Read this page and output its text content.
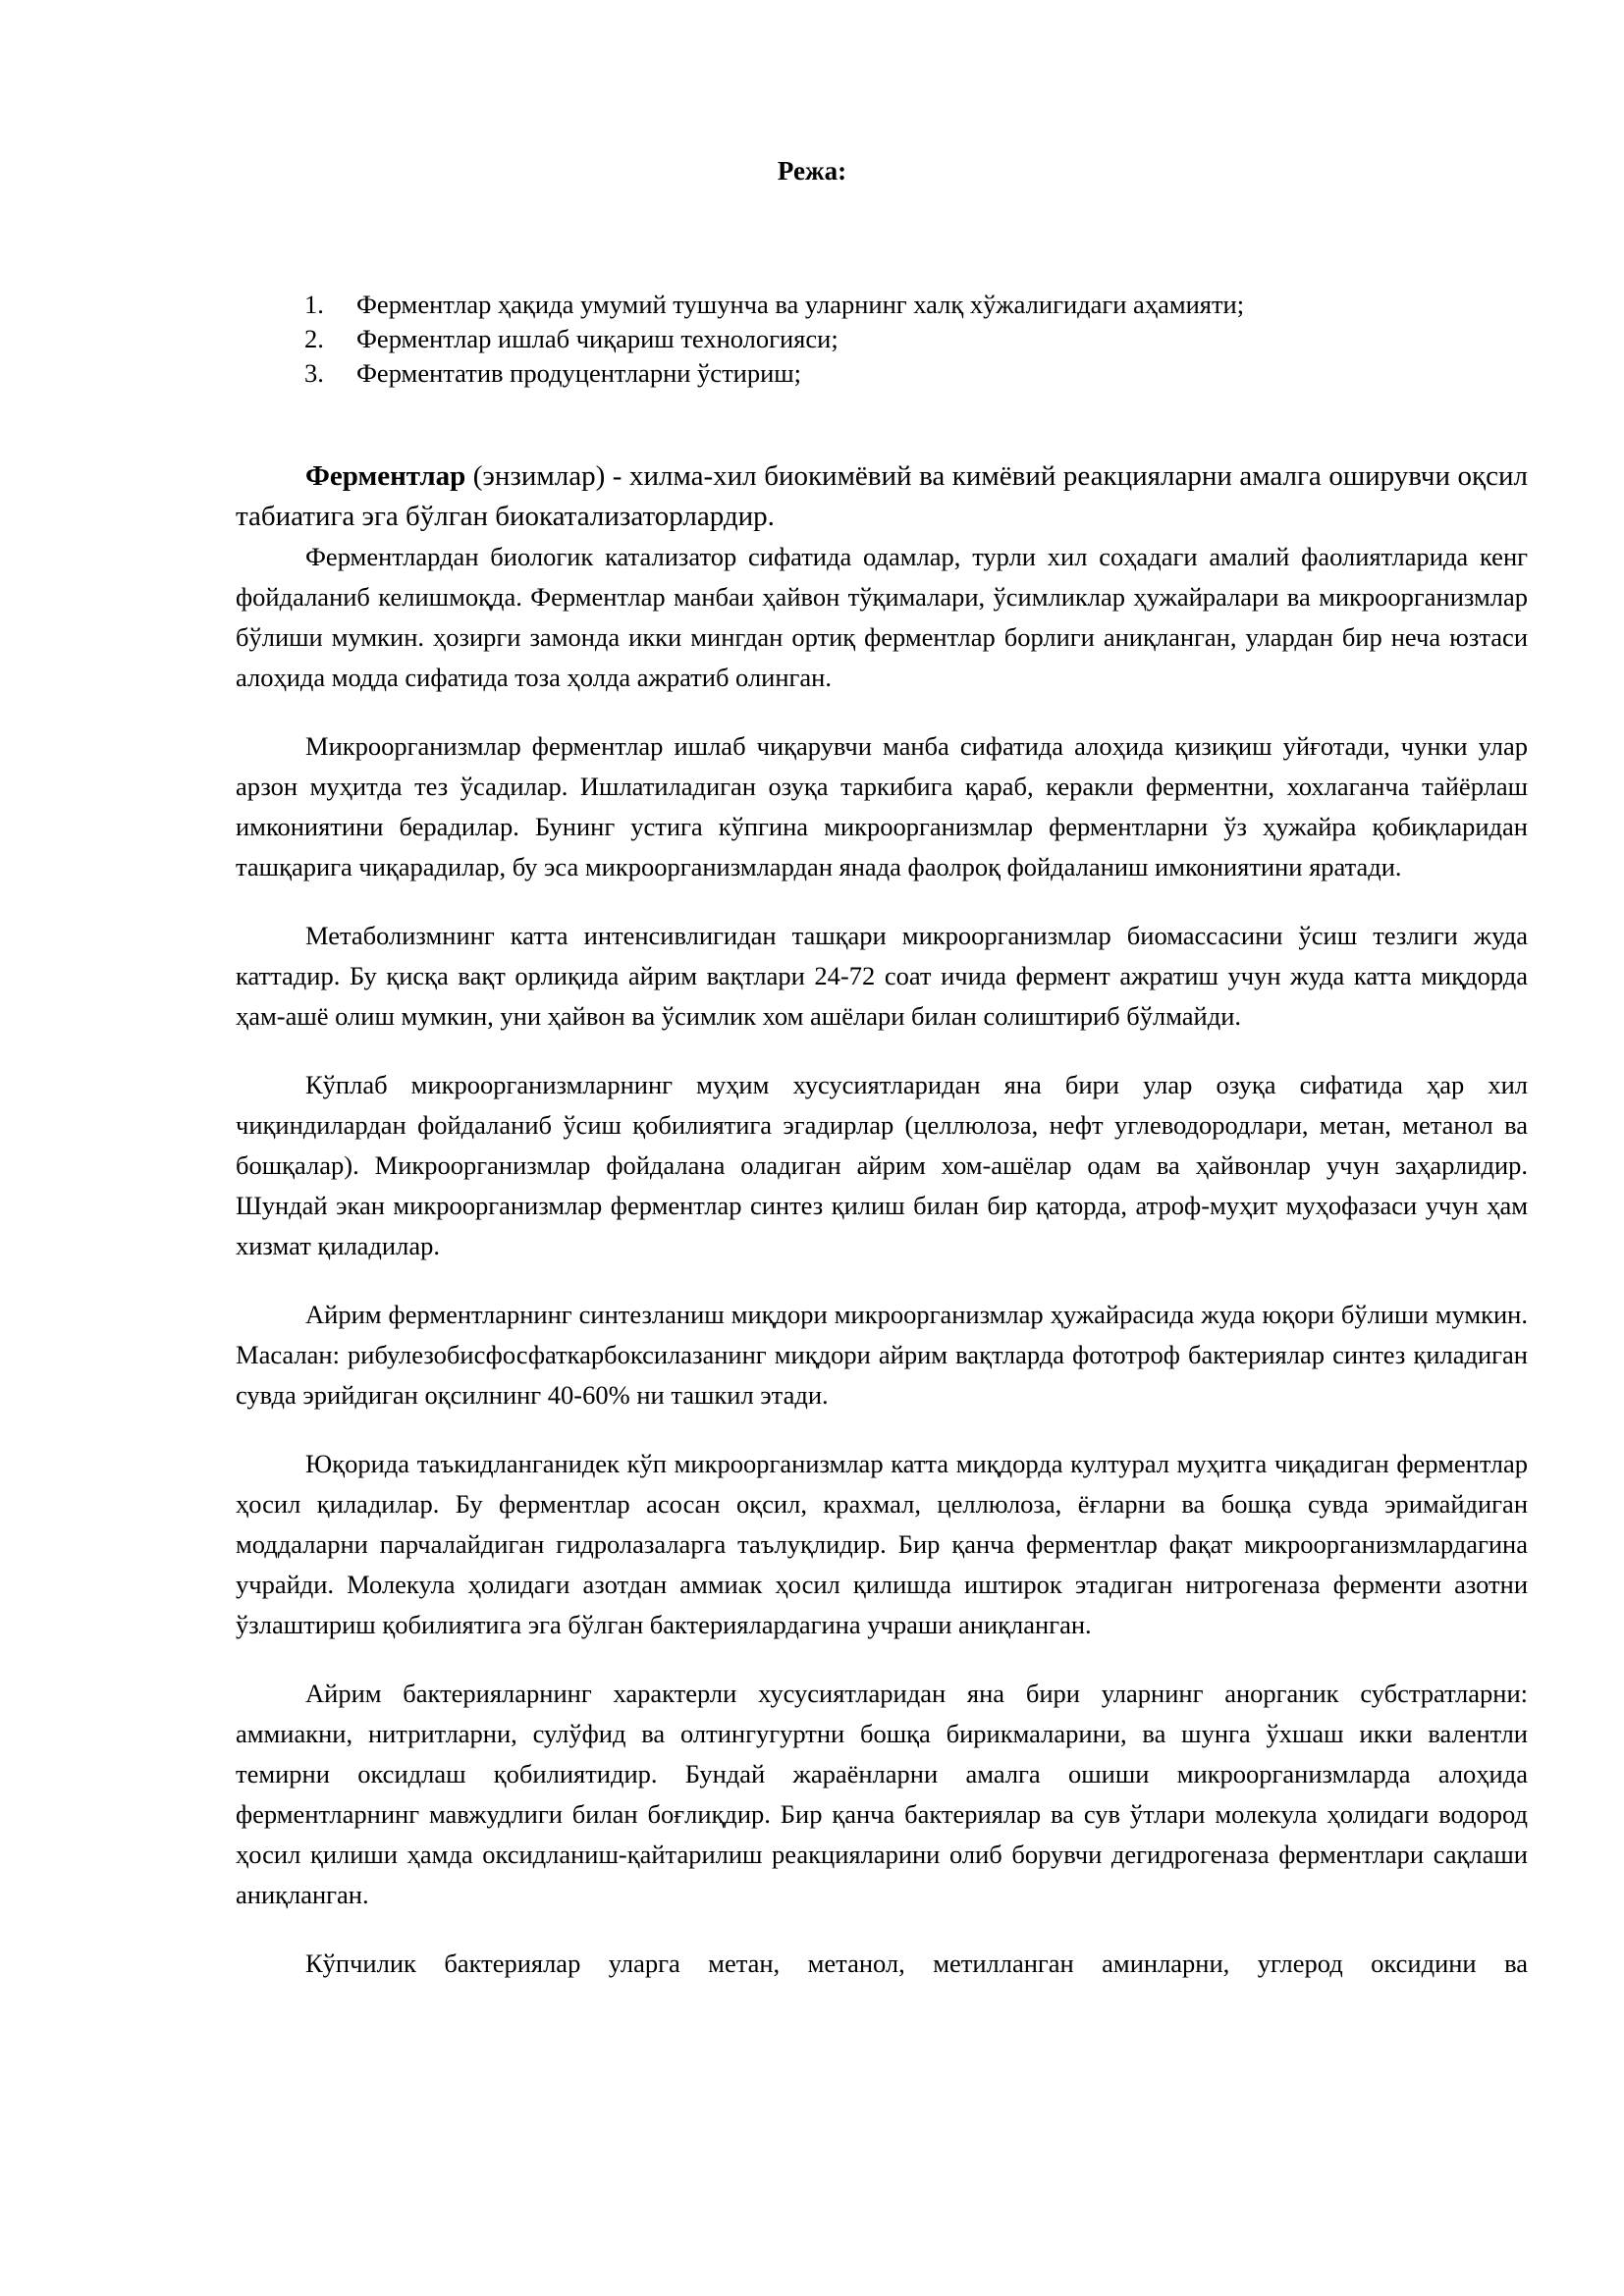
Режа:
1. Ферментлар ҳақида умумий тушунча ва уларнинг халқ хўжалигидаги аҳамияти;
2. Ферментлар ишлаб чиқариш технологияси;
3. Ферментатив продуцентларни ўстириш;

Ферментлар (энзимлар) - хилма-хил биокимёвий ва кимёвий реакцияларни амалга оширувчи оқсил табиатига эга бўлган биокатализаторлардир.

Ферментлардан биологик катализатор сифатида одамлар, турли хил соҳадаги амалий фаолиятларида кенг фойдаланиб келишмоқда. Ферментлар манбаи ҳайвон тўқималари, ўсимликлар ҳужайралари ва микроорганизмлар бўлиши мумкин. ҳозирги замонда икки мингдан ортиқ ферментлар борлиги аниқланган, улардан бир неча юзтаси алоҳида модда сифатида тоза ҳолда ажратиб олинган.

Микроорганизмлар ферментлар ишлаб чиқарувчи манба сифатида алоҳида қизиқиш уйғотади, чунки улар арзон муҳитда тез ўсадилар. Ишлатиладиган озуқа таркибига қараб, керакли ферментни, хохлаганча тайёрлаш имкониятини берадилар. Бунинг устига кўпгина микроорганизмлар ферментларни ўз ҳужайра қобиқларидан ташқарига чиқарадилар, бу эса микроорганизмлардан янада фаолроқ фойдаланиш имкониятини яратади.

Метаболизмнинг катта интенсивлигидан ташқари микроорганизмлар биомассасини ўсиш тезлиги жуда каттадир. Бу қисқа вақт орлиқида айрим вақтлари 24-72 соат ичида фермент ажратиш учун жуда катта миқдорда ҳам-ашё олиш мумкин, уни ҳайвон ва ўсимлик хом ашёлари билан солиштириб бўлмайди.

Кўплаб микроорганизмларнинг муҳим хусусиятларидан яна бири улар озуқа сифатида ҳар хил чиқиндилардан фойдаланиб ўсиш қобилиятига эгадирлар (целлюлоза, нефт углеводородлари, метан, метанол ва бошқалар). Микроорганизмлар фойдалана оладиган айрим хом-ашёлар одам ва ҳайвонлар учун заҳарлидир. Шундай экан микроорганизмлар ферментлар синтез қилиш билан бир қаторда, атроф-муҳит муҳофазаси учун ҳам хизмат қиладилар.

Айрим ферментларнинг синтезланиш миқдори микроорганизмлар ҳужайрасида жуда юқори бўлиши мумкин. Масалан: рибулезобисфосфаткарбоксилазанинг миқдори айрим вақтларда фототроф бактериялар синтез қиладиган сувда эрийдиган оқсилнинг 40-60% ни ташкил этади.

Юқорида таъкидланганидек кўп микроорганизмлар катта миқдорда културал муҳитга чиқадиган ферментлар ҳосил қиладилар. Бу ферментлар асосан оқсил, крахмал, целлюлоза, ёғларни ва бошқа сувда эримайдиган моддаларни парчалайдиган гидролазаларга таълуқлидир. Бир қанча ферментлар фақат микроорганизмлардагина учрайди. Молекула ҳолидаги азотдан аммиак ҳосил қилишда иштирок этадиган нитрогеназа ферменти азотни ўзлаштириш қобилиятига эга бўлган бактериялардагина учраши аниқланган.

Айрим бактерияларнинг характерли хусусиятларидан яна бири уларнинг анорганик субстратларни: аммиакни, нитритларни, сулўфид ва олтингугуртни бошқа бирикмаларини, ва шунга ўхшаш икки валентли темирни оксидлаш қобилиятидир. Бундай жараёнларни амалга ошиши микроорганизмларда алоҳида ферментларнинг мавжудлиги билан боғлиқдир. Бир қанча бактериялар ва сув ўтлари молекула ҳолидаги водород ҳосил қилиши ҳамда оксидланиш-қайтарилиш реакцияларини олиб борувчи дегидрогеназа ферментлари сақлаши аниқланган.

Кўпчилик бактериялар уларга метан, метанол, метилланган аминларни, углерод оксидини ва
